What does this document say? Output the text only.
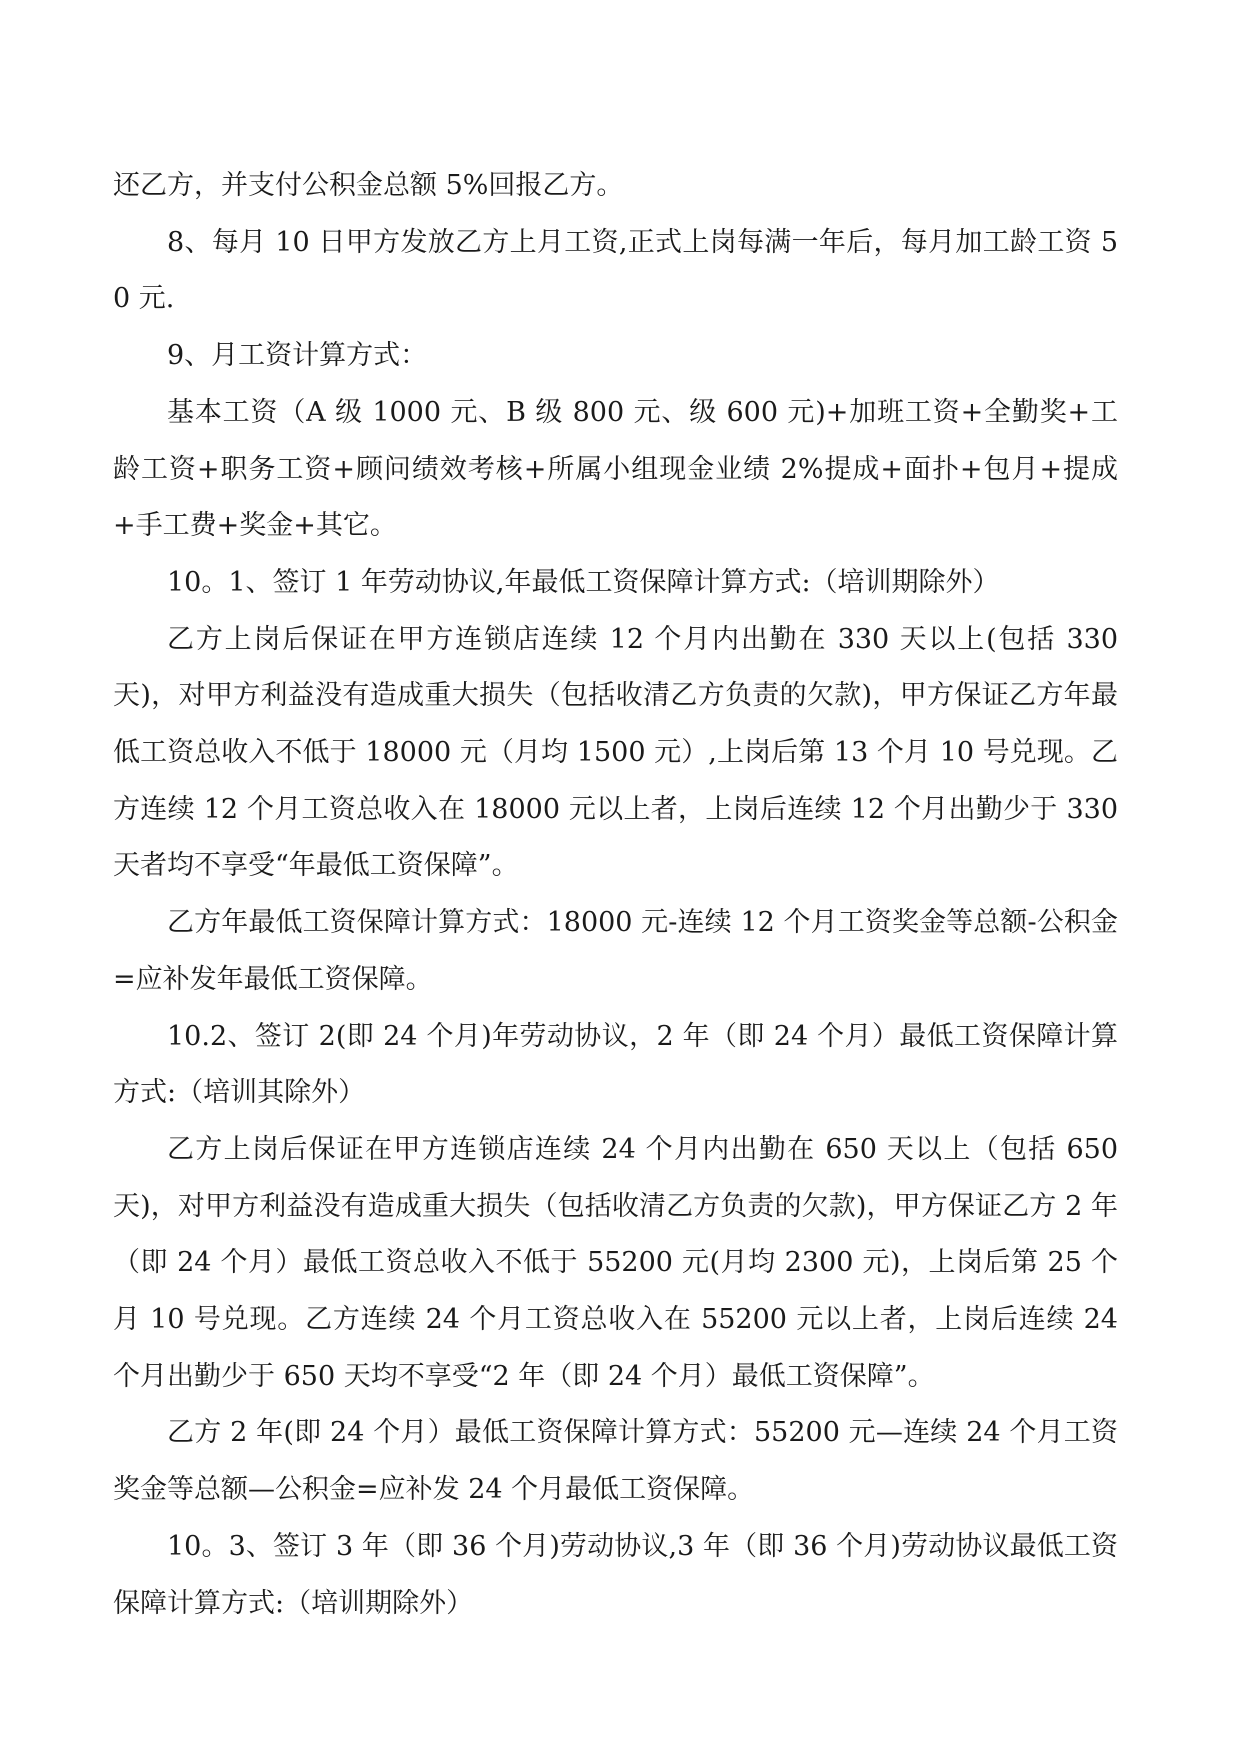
还乙方，并支付公积金总额 5%回报乙方。

8、每月 10 日甲方发放乙方上月工资,正式上岗每满一年后，每月加工龄工资 50 元.

9、月工资计算方式：

基本工资（A 级 1000 元、B 级 800 元、级 600 元)+加班工资+全勤奖+工龄工资+职务工资+顾问绩效考核+所属小组现金业绩 2%提成+面扑+包月+提成+手工费+奖金+其它。

10。1、签订 1 年劳动协议,年最低工资保障计算方式:（培训期除外）

乙方上岗后保证在甲方连锁店连续 12 个月内出勤在 330 天以上(包括 330 天)，对甲方利益没有造成重大损失（包括收清乙方负责的欠款)，甲方保证乙方年最低工资总收入不低于 18000 元（月均 1500 元）,上岗后第 13 个月 10 号兑现。乙方连续 12 个月工资总收入在 18000 元以上者，上岗后连续 12 个月出勤少于 330 天者均不享受“年最低工资保障”。

乙方年最低工资保障计算方式：18000 元-连续 12 个月工资奖金等总额-公积金=应补发年最低工资保障。

10.2、签订 2(即 24 个月)年劳动协议，2 年（即 24 个月）最低工资保障计算方式:（培训其除外）

乙方上岗后保证在甲方连锁店连续 24 个月内出勤在 650 天以上（包括 650 天)，对甲方利益没有造成重大损失（包括收清乙方负责的欠款)，甲方保证乙方 2 年（即 24 个月）最低工资总收入不低于 55200 元(月均 2300 元)，上岗后第 25 个月 10 号兑现。乙方连续 24 个月工资总收入在 55200 元以上者，上岗后连续 24 个月出勤少于 650 天均不享受“2 年（即 24 个月）最低工资保障”。

乙方 2 年(即 24 个月）最低工资保障计算方式：55200 元—连续 24 个月工资奖金等总额—公积金=应补发 24 个月最低工资保障。

10。3、签订 3 年（即 36 个月)劳动协议,3 年（即 36 个月)劳动协议最低工资保障计算方式:（培训期除外）
